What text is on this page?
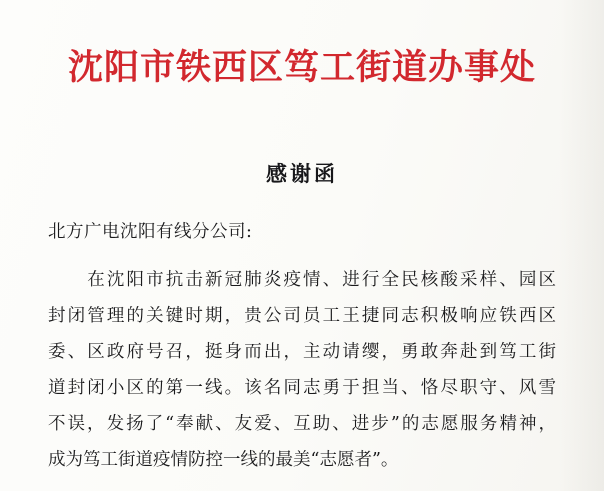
沈阳市铁西区笃工街道办事处
感谢函
北方广电沈阳有线分公司:
　　在沈阳市抗击新冠肺炎疫情、进行全民核酸采样、园区
封闭管理的关键时期，贵公司员工王捷同志积极响应铁西区
委、区政府号召，挺身而出，主动请缨，勇敢奔赴到笃工街
道封闭小区的第一线。该名同志勇于担当、恪尽职守、风雪
不误，发扬了“奉献、友爱、互助、进步”的志愿服务精神，
成为笃工街道疫情防控一线的最美“志愿者”。
